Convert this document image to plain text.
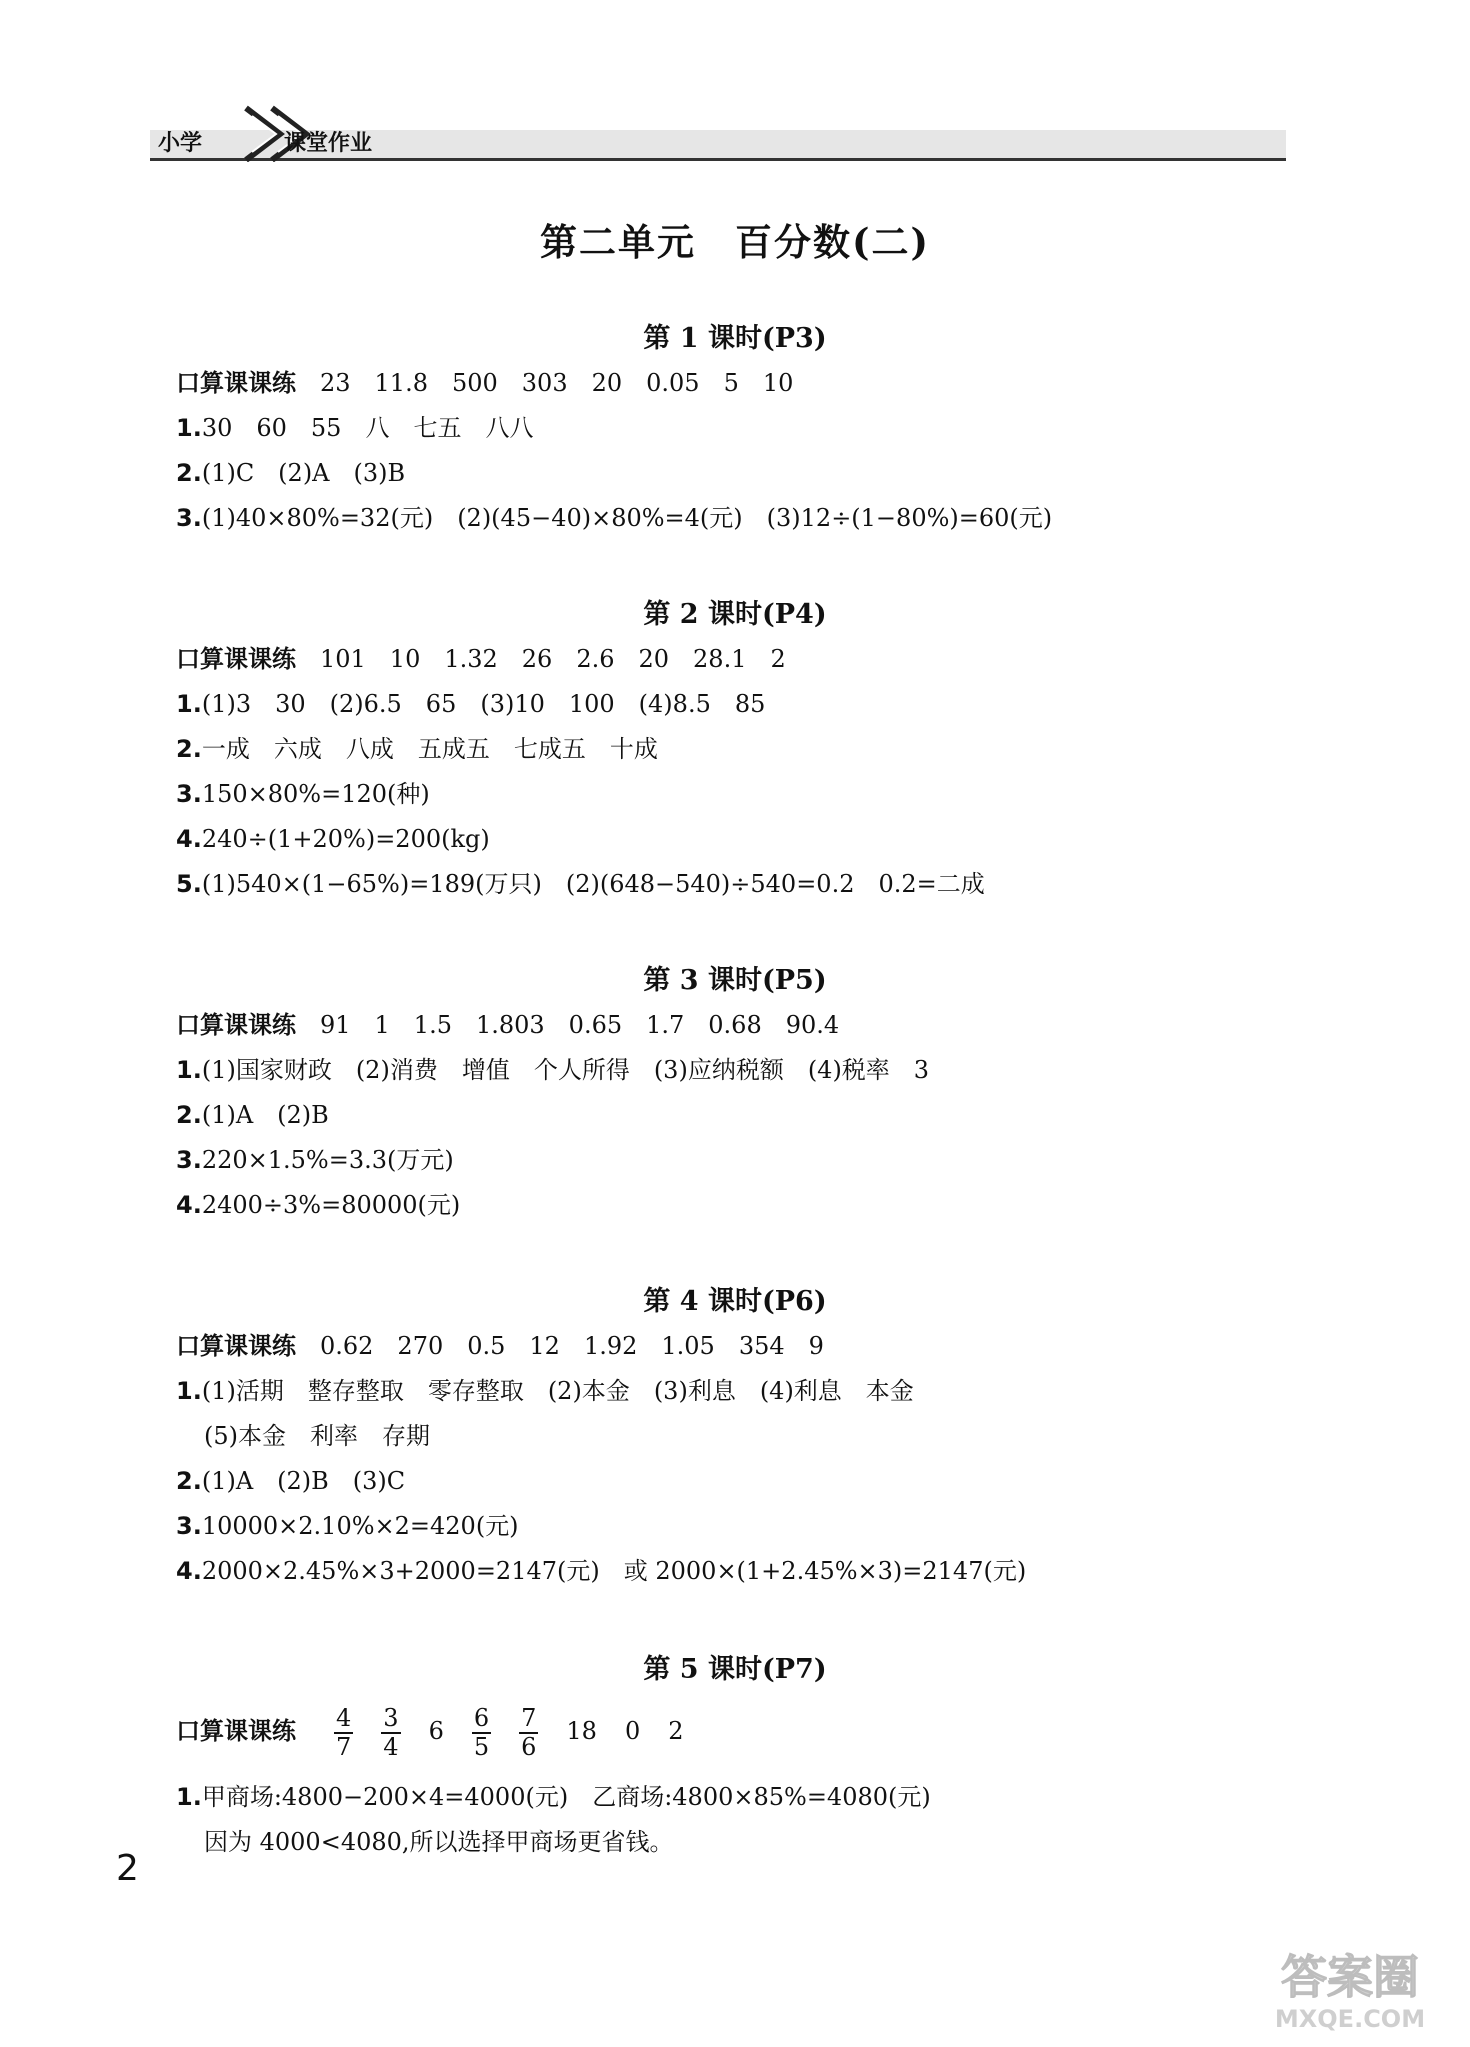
小学	课堂作业
第二单元　百分数(二)
第 1 课时(P3)
口算课课练　 23　11.8　500　303　20　0.05　5　10
1.30　60　55　八　七五　八八
2.(1)C　(2)A　(3)B
3.(1)40×80%=32(元)　(2)(45−40)×80%=4(元)　(3)12÷(1−80%)=60(元)
第 2 课时(P4)
口算课课练　 101　10　1.32　26　2.6　20　28.1　2
1.(1)3　30　(2)6.5　65　(3)10　100　(4)8.5　85
2.一成　六成　八成　五成五　七成五　十成
3.150×80%=120(种)
4.240÷(1+20%)=200(kg)
5.(1)540×(1−65%)=189(万只)　(2)(648−540)÷540=0.2　0.2=二成
第 3 课时(P5)
口算课课练　 91　1　1.5　1.803　0.65　1.7　0.68　90.4
1.(1)国家财政　(2)消费　增值　个人所得　(3)应纳税额　(4)税率　3
2.(1)A　(2)B
3.220×1.5%=3.3(万元)
4.2400÷3%=80000(元)
第 4 课时(P6)
口算课课练　 0.62　270　0.5　12　1.92　1.05　354　9
1.(1)活期　整存整取　零存整取　(2)本金　(3)利息　(4)利息　本金
(5)本金　利率　存期
2.(1)A　(2)B　(3)C
3.10000×2.10%×2=420(元)
4.2000×2.45%×3+2000=2147(元)　或 2000×(1+2.45%×3)=2147(元)
第 5 课时(P7)
口算课课练　 $\frac{4}{7} \frac{3}{4} 6 \frac{6}{5} \frac{7}{6} 18$ 0 2
1.甲商场:4800−200×4=4000(元)　乙商场:4800×85%=4080(元)
因为 4000<4080,所以选择甲商场更省钱。
2
答案圈
MXQE.COM
